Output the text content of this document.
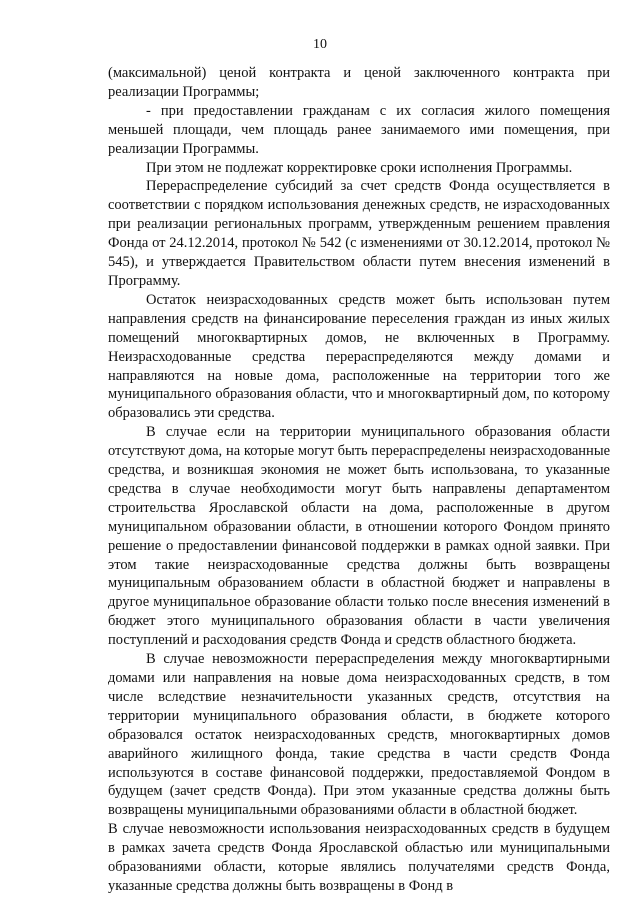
10

(максимальной) ценой контракта и ценой заключенного контракта при реализации Программы;

- при предоставлении гражданам с их согласия жилого помещения меньшей площади, чем площадь ранее занимаемого ими помещения, при реализации Программы.

При этом не подлежат корректировке сроки исполнения Программы.

Перераспределение субсидий за счет средств Фонда осуществляется в соответствии с порядком использования денежных средств, не израсходованных при реализации региональных программ, утвержденным решением правления Фонда от 24.12.2014, протокол № 542 (с изменениями от 30.12.2014, протокол № 545), и утверждается Правительством области путем внесения изменений в Программу.

Остаток неизрасходованных средств может быть использован путем направления средств на финансирование переселения граждан из иных жилых помещений многоквартирных домов, не включенных в Программу. Неизрасходованные средства перераспределяются между домами и направляются на новые дома, расположенные на территории того же муниципального образования области, что и многоквартирный дом, по которому образовались эти средства.

В случае если на территории муниципального образования области отсутствуют дома, на которые могут быть перераспределены неизрасходованные средства, и возникшая экономия не может быть использована, то указанные средства в случае необходимости могут быть направлены департаментом строительства Ярославской области на дома, расположенные в другом муниципальном образовании области, в отношении которого Фондом принято решение о предоставлении финансовой поддержки в рамках одной заявки. При этом такие неизрасходованные средства должны быть возвращены муниципальным образованием области в областной бюджет и направлены в другое муниципальное образование области только после внесения изменений в бюджет этого муниципального образования области в части увеличения поступлений и расходования средств Фонда и средств областного бюджета.

В случае невозможности перераспределения между многоквартирными домами или направления на новые дома неизрасходованных средств, в том числе вследствие незначительности указанных средств, отсутствия на территории муниципального образования области, в бюджете которого образовался остаток неизрасходованных средств, многоквартирных домов аварийного жилищного фонда, такие средства в части средств Фонда используются в составе финансовой поддержки, предоставляемой Фондом в будущем (зачет средств Фонда). При этом указанные средства должны быть возвращены муниципальными образованиями области в областной бюджет.

В случае невозможности использования неизрасходованных средств в будущем в рамках зачета средств Фонда Ярославской областью или муниципальными образованиями области, которые являлись получателями средств Фонда, указанные средства должны быть возвращены в Фонд в
